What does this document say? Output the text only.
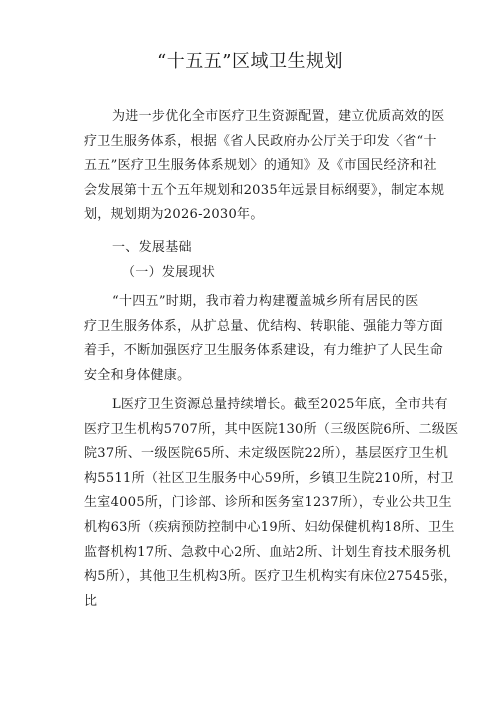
“十五五”区域卫生规划
为进一步优化全市医疗卫生资源配置，建立优质高效的医
疗卫生服务体系，根据《省人民政府办公厅关于印发〈省“十
五五”医疗卫生服务体系规划〉的通知》及《市国民经济和社
会发展第十五个五年规划和2035年远景目标纲要》，制定本规
划，规划期为2026-2030年。
一、发展基础
（一）发展现状
“十四五”时期，我市着力构建覆盖城乡所有居民的医
疗卫生服务体系，从扩总量、优结构、转职能、强能力等方面
着手，不断加强医疗卫生服务体系建设，有力维护了人民生命
安全和身体健康。
L医疗卫生资源总量持续增长。截至2025年底，全市共有
医疗卫生机构5707所，其中医院130所（三级医院6所、二级医
院37所、一级医院65所、未定级医院22所），基层医疗卫生机
构5511所（社区卫生服务中心59所，乡镇卫生院210所，村卫
生室4005所，门诊部、诊所和医务室1237所），专业公共卫生
机构63所（疾病预防控制中心19所、妇幼保健机构18所、卫生
监督机构17所、急救中心2所、血站2所、计划生育技术服务机
构5所），其他卫生机构3所。医疗卫生机构实有床位27545张，
比
